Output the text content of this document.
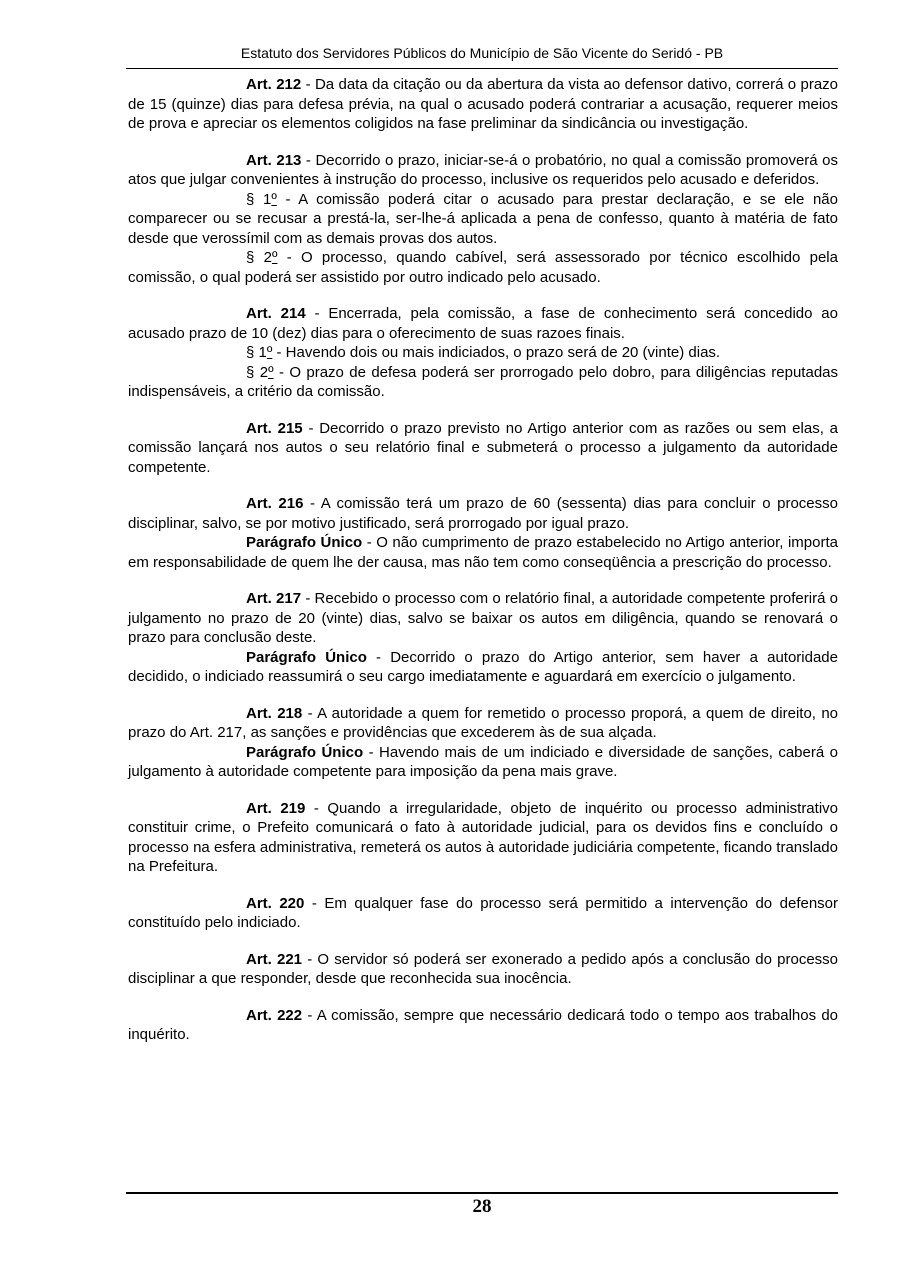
Estatuto dos Servidores Públicos do Município de São Vicente do Seridó - PB

Art. 212 - Da data da citação ou da abertura da vista ao defensor dativo, correrá o prazo de 15 (quinze) dias para defesa prévia, na qual o acusado poderá contrariar a acusação, requerer meios de prova e apreciar os elementos coligidos na fase preliminar da sindicância ou investigação.

Art. 213 - Decorrido o prazo, iniciar-se-á o probatório, no qual a comissão promoverá os atos que julgar convenientes à instrução do processo, inclusive os requeridos pelo acusado e deferidos.

§ 1º - A comissão poderá citar o acusado para prestar declaração, e se ele não comparecer ou se recusar a prestá-la, ser-lhe-á aplicada a pena de confesso, quanto à matéria de fato desde que verossímil com as demais provas dos autos.

§ 2º - O processo, quando cabível, será assessorado por técnico escolhido pela comissão, o qual poderá ser assistido por outro indicado pelo acusado.

Art. 214 - Encerrada, pela comissão, a fase de conhecimento será concedido ao acusado prazo de 10 (dez) dias para o oferecimento de suas razoes finais.

§ 1º - Havendo dois ou mais indiciados, o prazo será de 20 (vinte) dias.

§ 2º - O prazo de defesa poderá ser prorrogado pelo dobro, para diligências reputadas indispensáveis, a critério da comissão.

Art. 215 - Decorrido o prazo previsto no Artigo anterior com as razões ou sem elas, a comissão lançará nos autos o seu relatório final e submeterá o processo a julgamento da autoridade competente.

Art. 216 - A comissão terá um prazo de 60 (sessenta) dias para concluir o processo disciplinar, salvo, se por motivo justificado, será prorrogado por igual prazo.

Parágrafo Único - O não cumprimento de prazo estabelecido no Artigo anterior, importa em responsabilidade de quem lhe der causa, mas não tem como conseqüência a prescrição do processo.

Art. 217 - Recebido o processo com o relatório final, a autoridade competente proferirá o julgamento no prazo de 20 (vinte) dias, salvo se baixar os autos em diligência, quando se renovará o prazo para conclusão deste.

Parágrafo Único - Decorrido o prazo do Artigo anterior, sem haver a autoridade decidido, o indiciado reassumirá o seu cargo imediatamente e aguardará em exercício o julgamento.

Art. 218 - A autoridade a quem for remetido o processo proporá, a quem de direito, no prazo do Art. 217, as sanções e providências que excederem às de sua alçada.

Parágrafo Único - Havendo mais de um indiciado e diversidade de sanções, caberá o julgamento à autoridade competente para imposição da pena mais grave.

Art. 219 - Quando a irregularidade, objeto de inquérito ou processo administrativo constituir crime, o Prefeito comunicará o fato à autoridade judicial, para os devidos fins e concluído o processo na esfera administrativa, remeterá os autos à autoridade judiciária competente, ficando translado na Prefeitura.

Art. 220 - Em qualquer fase do processo será permitido a intervenção do defensor constituído pelo indiciado.

Art. 221 - O servidor só poderá ser exonerado a pedido após a conclusão do processo disciplinar a que responder, desde que reconhecida sua inocência.

Art. 222 - A comissão, sempre que necessário dedicará todo o tempo aos trabalhos do inquérito.

28
